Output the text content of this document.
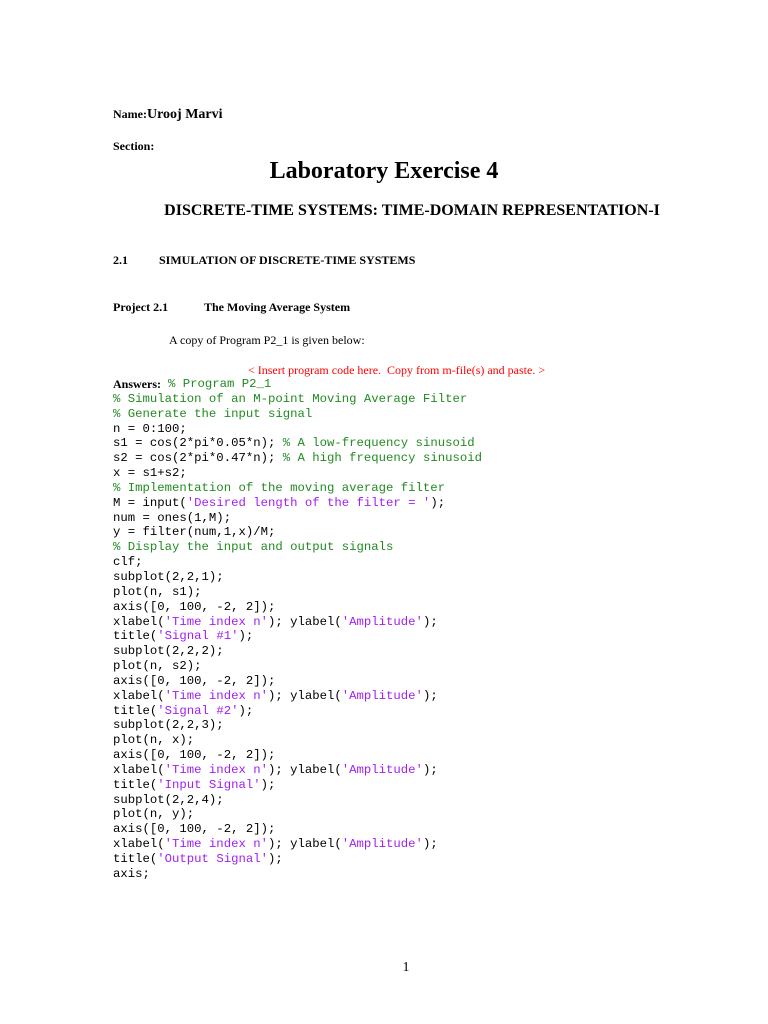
Name:Urooj Marvi
Section:
Laboratory Exercise 4
DISCRETE-TIME SYSTEMS: TIME-DOMAIN REPRESENTATION-I
2.1	SIMULATION OF DISCRETE-TIME SYSTEMS
Project 2.1	The Moving Average System
A copy of Program P2_1 is given below:
< Insert program code here.  Copy from m-file(s) and paste. >
Answers: % Program P2_1
% Simulation of an M-point Moving Average Filter
% Generate the input signal
n = 0:100;
s1 = cos(2*pi*0.05*n); % A low-frequency sinusoid
s2 = cos(2*pi*0.47*n); % A high frequency sinusoid
x = s1+s2;
% Implementation of the moving average filter
M = input('Desired length of the filter = ');
num = ones(1,M);
y = filter(num,1,x)/M;
% Display the input and output signals
clf;
subplot(2,2,1);
plot(n, s1);
axis([0, 100, -2, 2]);
xlabel('Time index n'); ylabel('Amplitude');
title('Signal #1');
subplot(2,2,2);
plot(n, s2);
axis([0, 100, -2, 2]);
xlabel('Time index n'); ylabel('Amplitude');
title('Signal #2');
subplot(2,2,3);
plot(n, x);
axis([0, 100, -2, 2]);
xlabel('Time index n'); ylabel('Amplitude');
title('Input Signal');
subplot(2,2,4);
plot(n, y);
axis([0, 100, -2, 2]);
xlabel('Time index n'); ylabel('Amplitude');
title('Output Signal');
axis;
1
